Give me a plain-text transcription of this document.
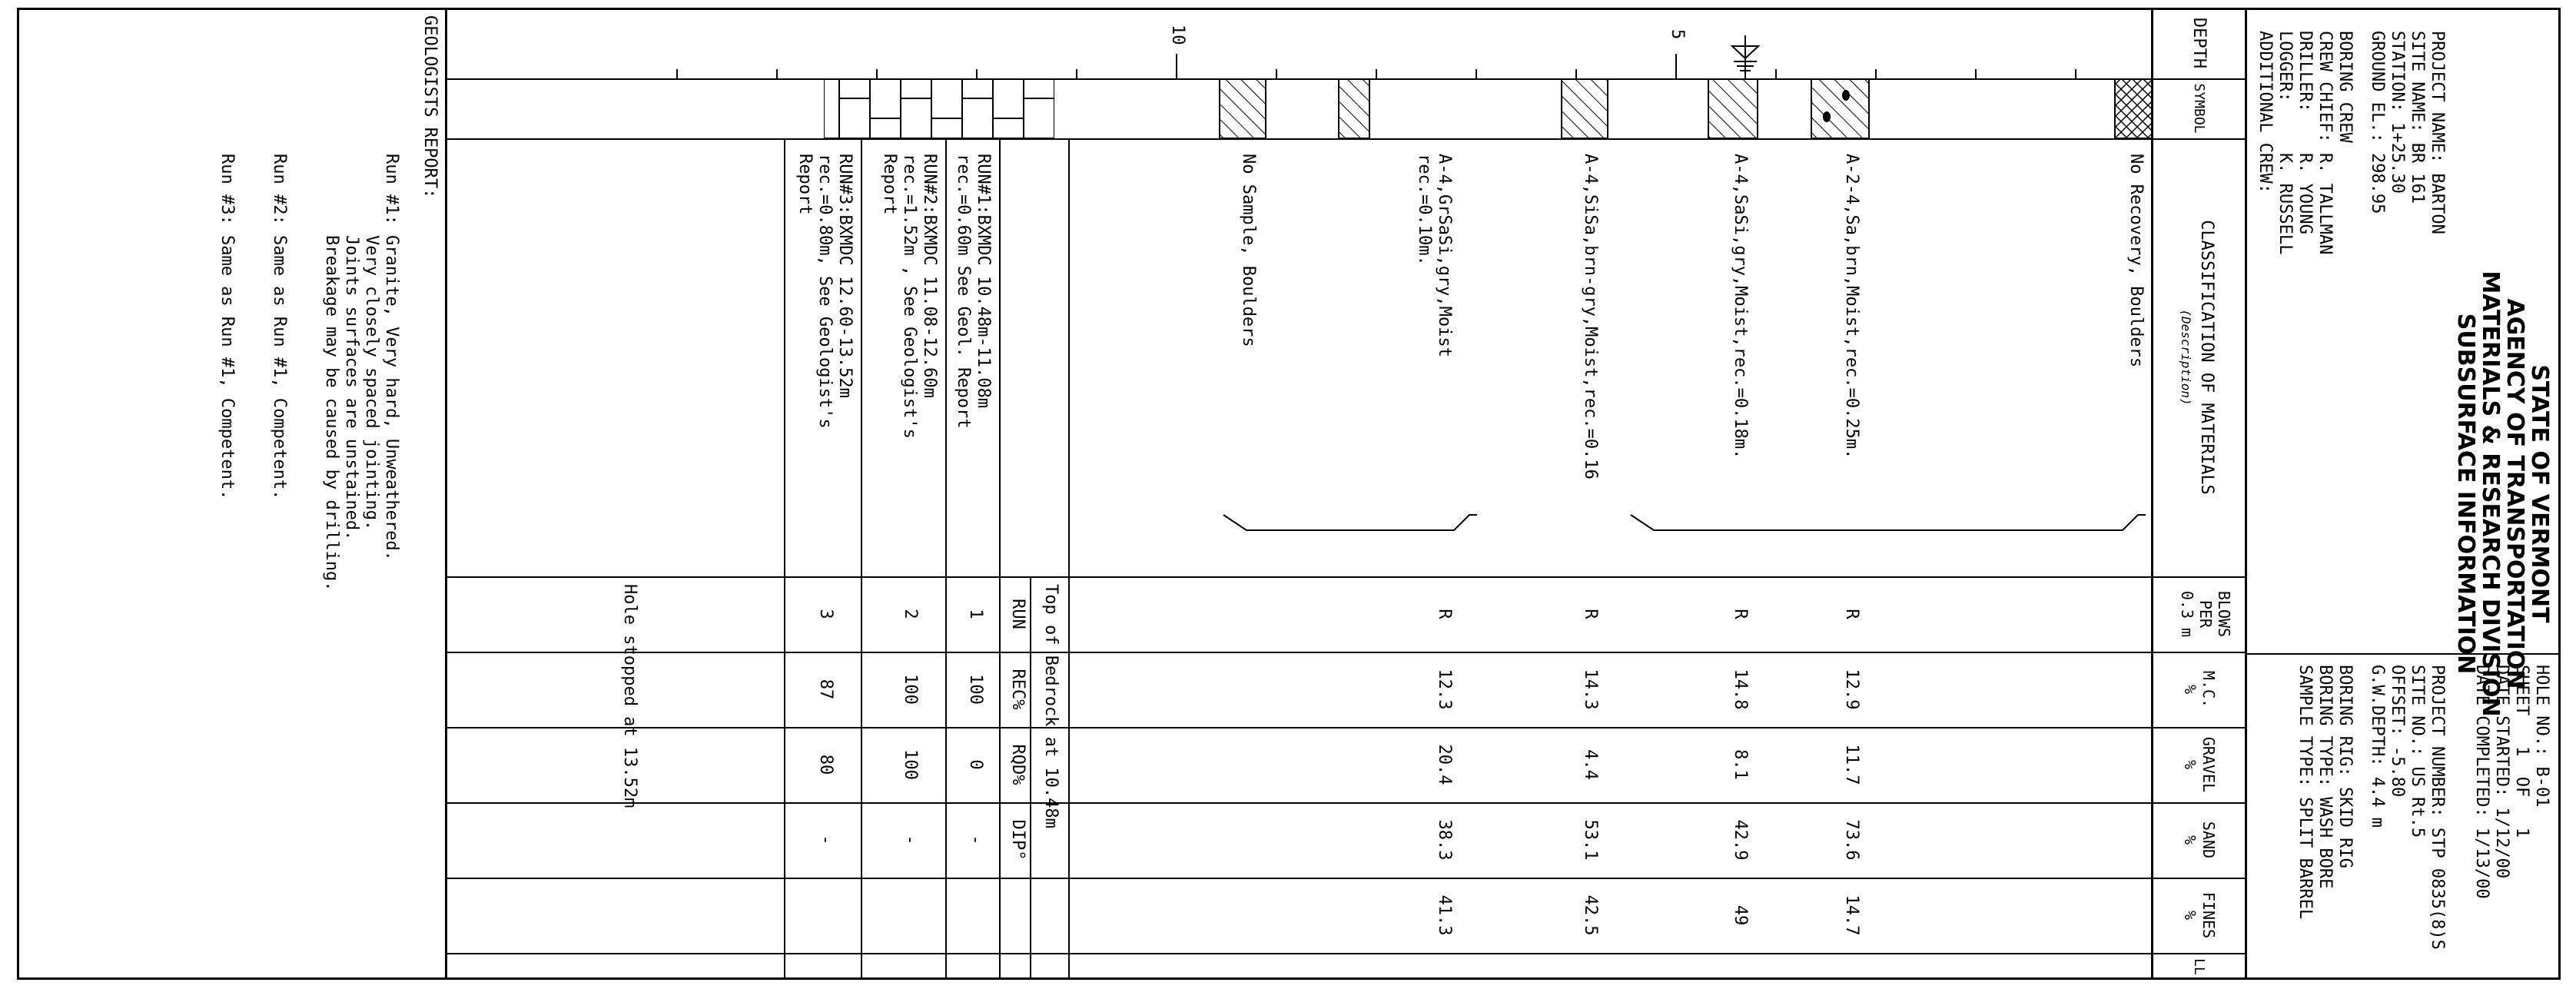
STATE OF VERMONT
AGENCY OF TRANSPORTATION
MATERIALS & RESEARCH DIVISION
SUBSURFACE INFORMATION
PROJECT NAME: BARTON
SITE NAME: BR 161
STATION: 1+25.30
GROUND EL.: 298.95
BORING CREW
CREW CHIEF: R. TALLMAN
DRILLER:    R. YOUNG
LOGGER:     K. RUSSELL
ADDITIONAL CREW:
HOLE NO.: B-01
SHEET   1  OF   1
DATE STARTED: 1/12/00
DATE COMPLETED: 1/13/00
PROJECT NUMBER: STP 0835(8)S
SITE NO.: US Rt.5
OFFSET: -5.80
G.W.DEPTH: 4.4 m
BORING RIG: SKID RIG
BORING TYPE: WASH BORE
SAMPLE TYPE: SPLIT BARREL
DEPTH
SYMBOL
CLASSIFICATION OF MATERIALS
(Description)
BLOWS
PER
0.3 m
M.C.
%
GRAVEL
%
SAND
%
FINES
%
LL
5
10
No Recovery, Boulders
A-2-4,Sa,brn,Moist,rec.=0.25m.
A-4,SaSi,gry,Moist,rec.=0.18m.
A-4,SiSa,brn-gry,Moist,rec.=0.16
A-4,GrSaSi,gry,Moist
rec.=0.10m.
No Sample, Boulders
R
12.9
11.7
73.6
14.7
R
14.8
8.1
42.9
49
R
14.3
4.4
53.1
42.5
R
12.3
20.4
38.3
41.3
Top of Bedrock at 10.48m
RUN
REC%
RQD%
DIP°
RUN#1:BXMDC 10.48m-11.08m
rec.=0.60m See Geol. Report
1
100
0
-
RUN#2:BXMDC 11.08-12.60m
rec.=1.52m , See Geologist's
Report
2
100
100
-
RUN#3:BXMDC 12.60-13.52m
rec.=0.80m, See Geologist's
Report
3
87
80
-
Hole stopped at 13.52m
GEOLOGISTS REPORT:
Run #1: Granite, Very hard, Unweathered.
Very closely spaced jointing.
Joints surfaces are unstained.
Breakage may be caused by drilling.
Run #2: Same as Run #1, Competent.
Run #3: Same as Run #1, Competent.
